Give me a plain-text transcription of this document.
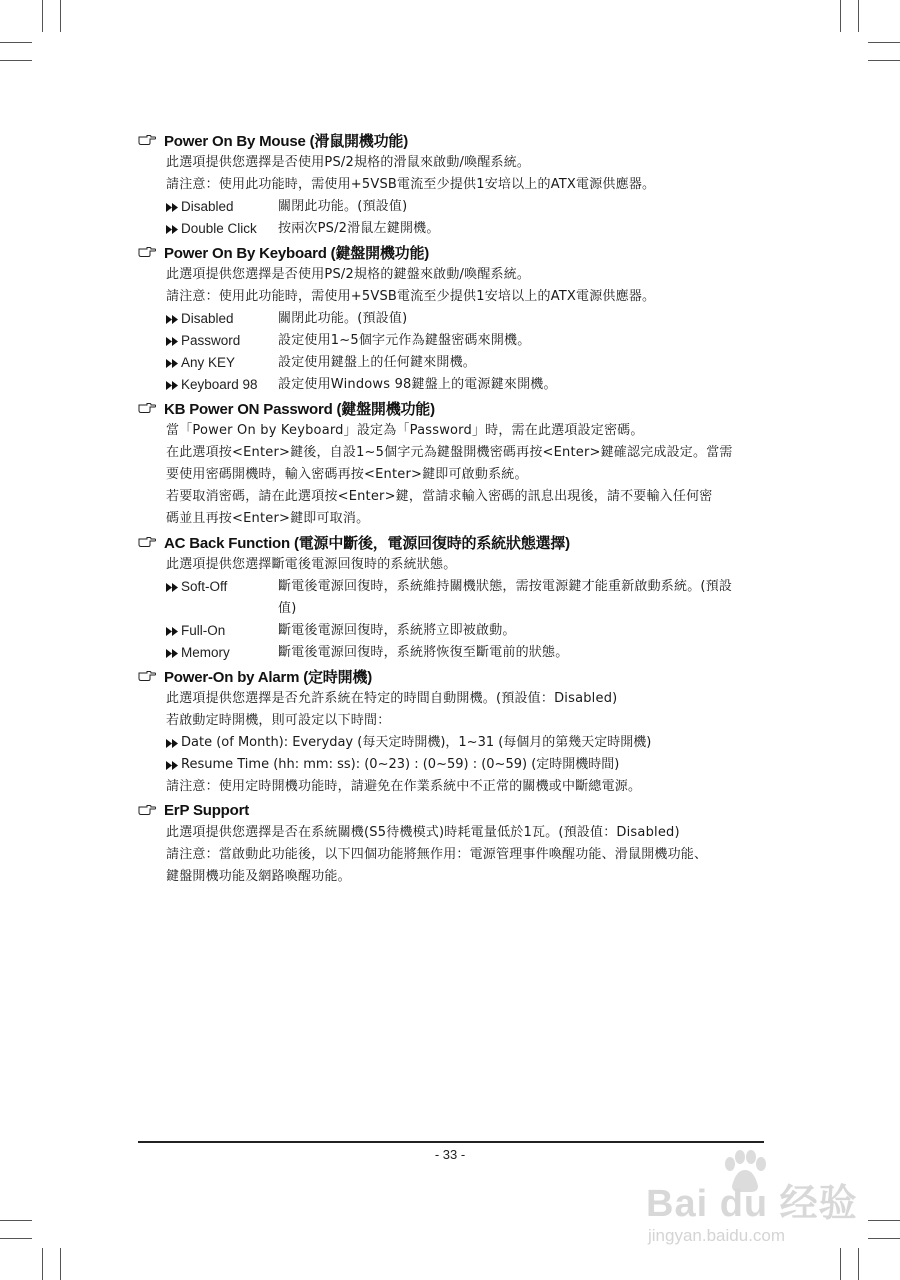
Power On By Mouse (滑鼠開機功能)
此選項提供您選擇是否使用PS/2規格的滑鼠來啟動/喚醒系統。
請注意：使用此功能時，需使用+5VSB電流至少提供1安培以上的ATX電源供應器。
Disabled	關閉此功能。(預設值)
Double Click	按兩次PS/2滑鼠左鍵開機。
Power On By Keyboard (鍵盤開機功能)
此選項提供您選擇是否使用PS/2規格的鍵盤來啟動/喚醒系統。
請注意：使用此功能時，需使用+5VSB電流至少提供1安培以上的ATX電源供應器。
Disabled	關閉此功能。(預設值)
Password	設定使用1~5個字元作為鍵盤密碼來開機。
Any KEY	設定使用鍵盤上的任何鍵來開機。
Keyboard 98	設定使用Windows 98鍵盤上的電源鍵來開機。
KB Power ON Password (鍵盤開機功能)
當「Power On by Keyboard」設定為「Password」時，需在此選項設定密碼。
在此選項按<Enter>鍵後，自設1~5個字元為鍵盤開機密碼再按<Enter>鍵確認完成設定。當需
要使用密碼開機時，輸入密碼再按<Enter>鍵即可啟動系統。
若要取消密碼，請在此選項按<Enter>鍵，當請求輸入密碼的訊息出現後，請不要輸入任何密
碼並且再按<Enter>鍵即可取消。
AC Back Function (電源中斷後，電源回復時的系統狀態選擇)
此選項提供您選擇斷電後電源回復時的系統狀態。
Soft-Off	斷電後電源回復時，系統維持關機狀態，需按電源鍵才能重新啟動系統。(預設
值)
Full-On	斷電後電源回復時，系統將立即被啟動。
Memory	斷電後電源回復時，系統將恢復至斷電前的狀態。
Power-On by Alarm (定時開機)
此選項提供您選擇是否允許系統在特定的時間自動開機。(預設值：Disabled)
若啟動定時開機，則可設定以下時間：
Date (of Month): Everyday (每天定時開機)，1~31 (每個月的第幾天定時開機)
Resume Time (hh: mm: ss): (0~23) : (0~59) : (0~59) (定時開機時間)
請注意：使用定時開機功能時，請避免在作業系統中不正常的關機或中斷總電源。
ErP Support
此選項提供您選擇是否在系統關機(S5待機模式)時耗電量低於1瓦。(預設值：Disabled)
請注意：當啟動此功能後，以下四個功能將無作用：電源管理事件喚醒功能、滑鼠開機功能、
鍵盤開機功能及網路喚醒功能。
- 33 -
Bai du 经验
jingyan.baidu.com
